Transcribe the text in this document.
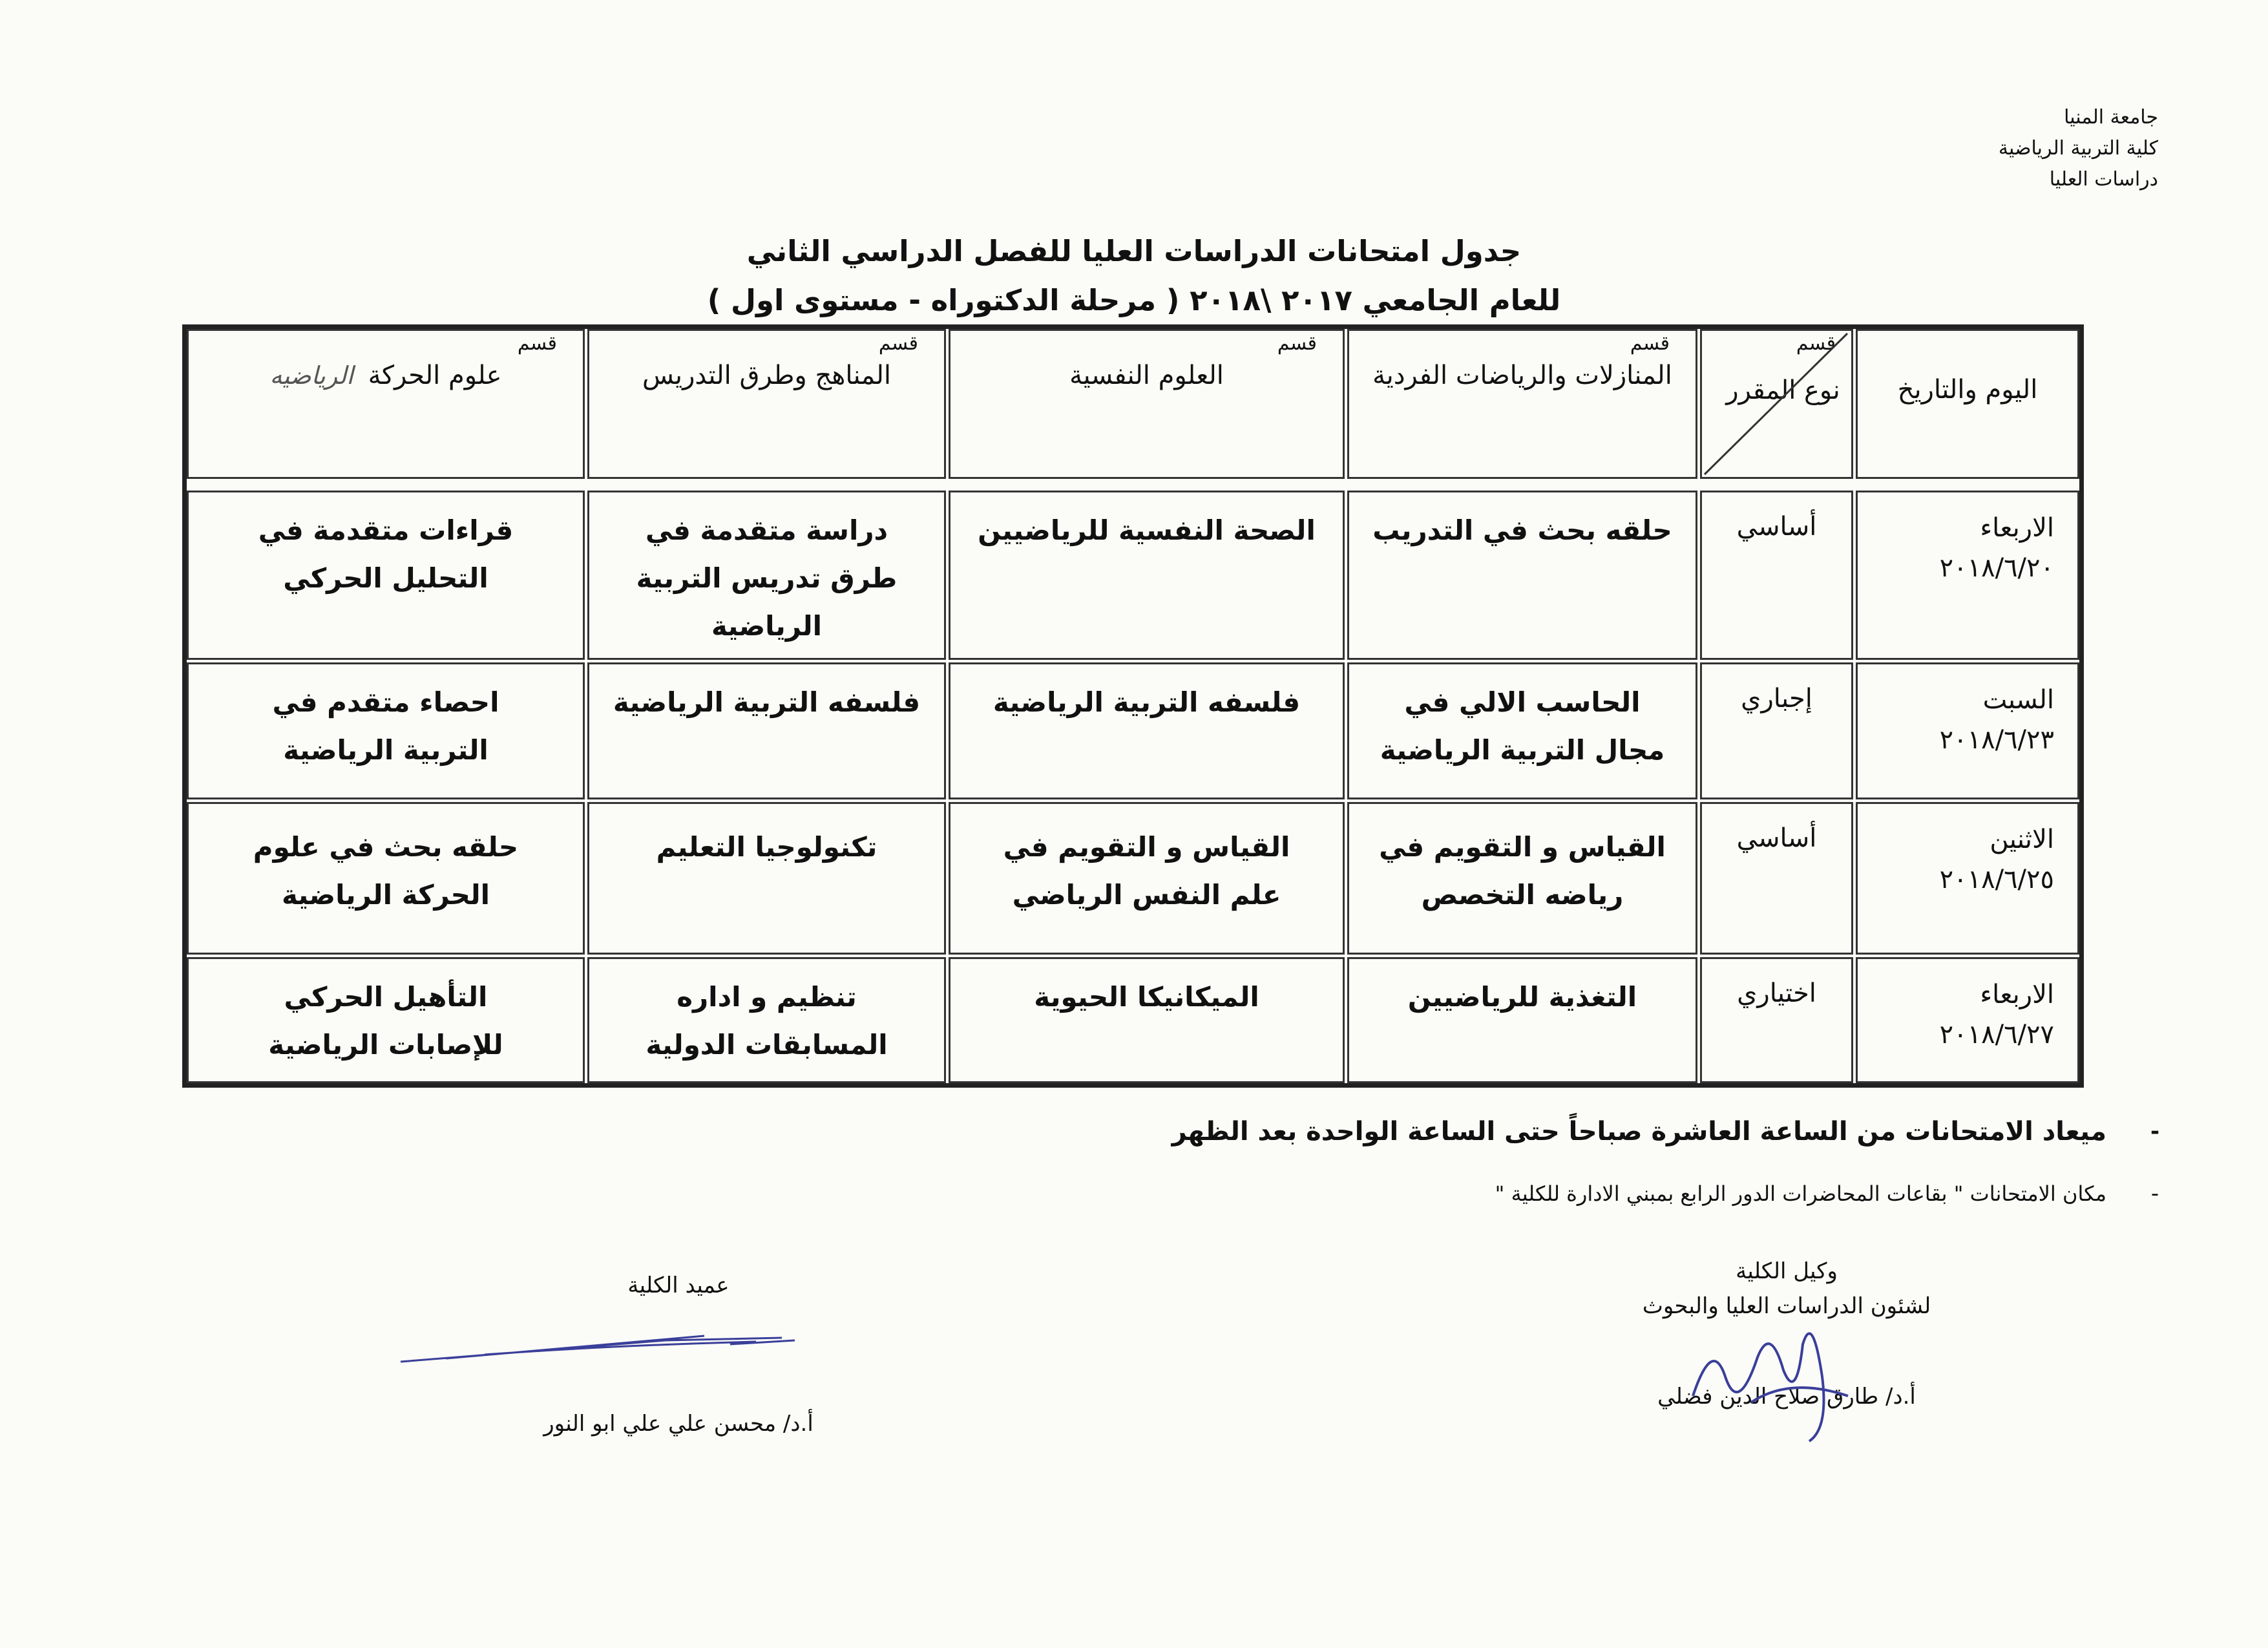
جامعة المنيا
كلية التربية الرياضية
دراسات العليا
جدول امتحانات الدراسات العليا للفصل الدراسي الثاني
للعام الجامعي ٢٠١٧ \٢٠١٨ ( مرحلة الدكتوراه - مستوى اول )
اليوم والتاريخ
قسم
نوع المقرر
قسم
المنازلات والرياضات الفردية
قسم
العلوم النفسية
قسم
المناهج وطرق التدريس
قسم
علوم الحركة الرياضيه
الاربعاء
٢٠١٨/٦/٢٠
أساسي
حلقه بحث في التدريب
الصحة النفسية للرياضيين
دراسة متقدمة في طرق تدريس التربية الرياضية
قراءات متقدمة في التحليل الحركي
السبت
٢٠١٨/٦/٢٣
إجباري
الحاسب الالي في مجال التربية الرياضية
فلسفه التربية الرياضية
فلسفه التربية الرياضية
احصاء متقدم في التربية الرياضية
الاثنين
٢٠١٨/٦/٢٥
أساسي
القياس و التقويم في رياضه التخصص
القياس و التقويم في علم النفس الرياضي
تكنولوجيا التعليم
حلقه بحث في علوم الحركة الرياضية
الاربعاء
٢٠١٨/٦/٢٧
اختياري
التغذية للرياضيين
الميكانيكا الحيوية
تنظيم و اداره المسابقات الدولية
التأهيل الحركي للإصابات الرياضية
-
ميعاد الامتحانات من الساعة العاشرة صباحاً حتى الساعة الواحدة بعد الظهر
-
مكان الامتحانات " بقاعات المحاضرات الدور الرابع بمبني الادارة للكلية "
وكيل الكلية
لشئون الدراسات العليا والبحوث
أ.د/ طارق صلاح الدين فضلي
عميد الكلية
أ.د/ محسن علي علي ابو النور
